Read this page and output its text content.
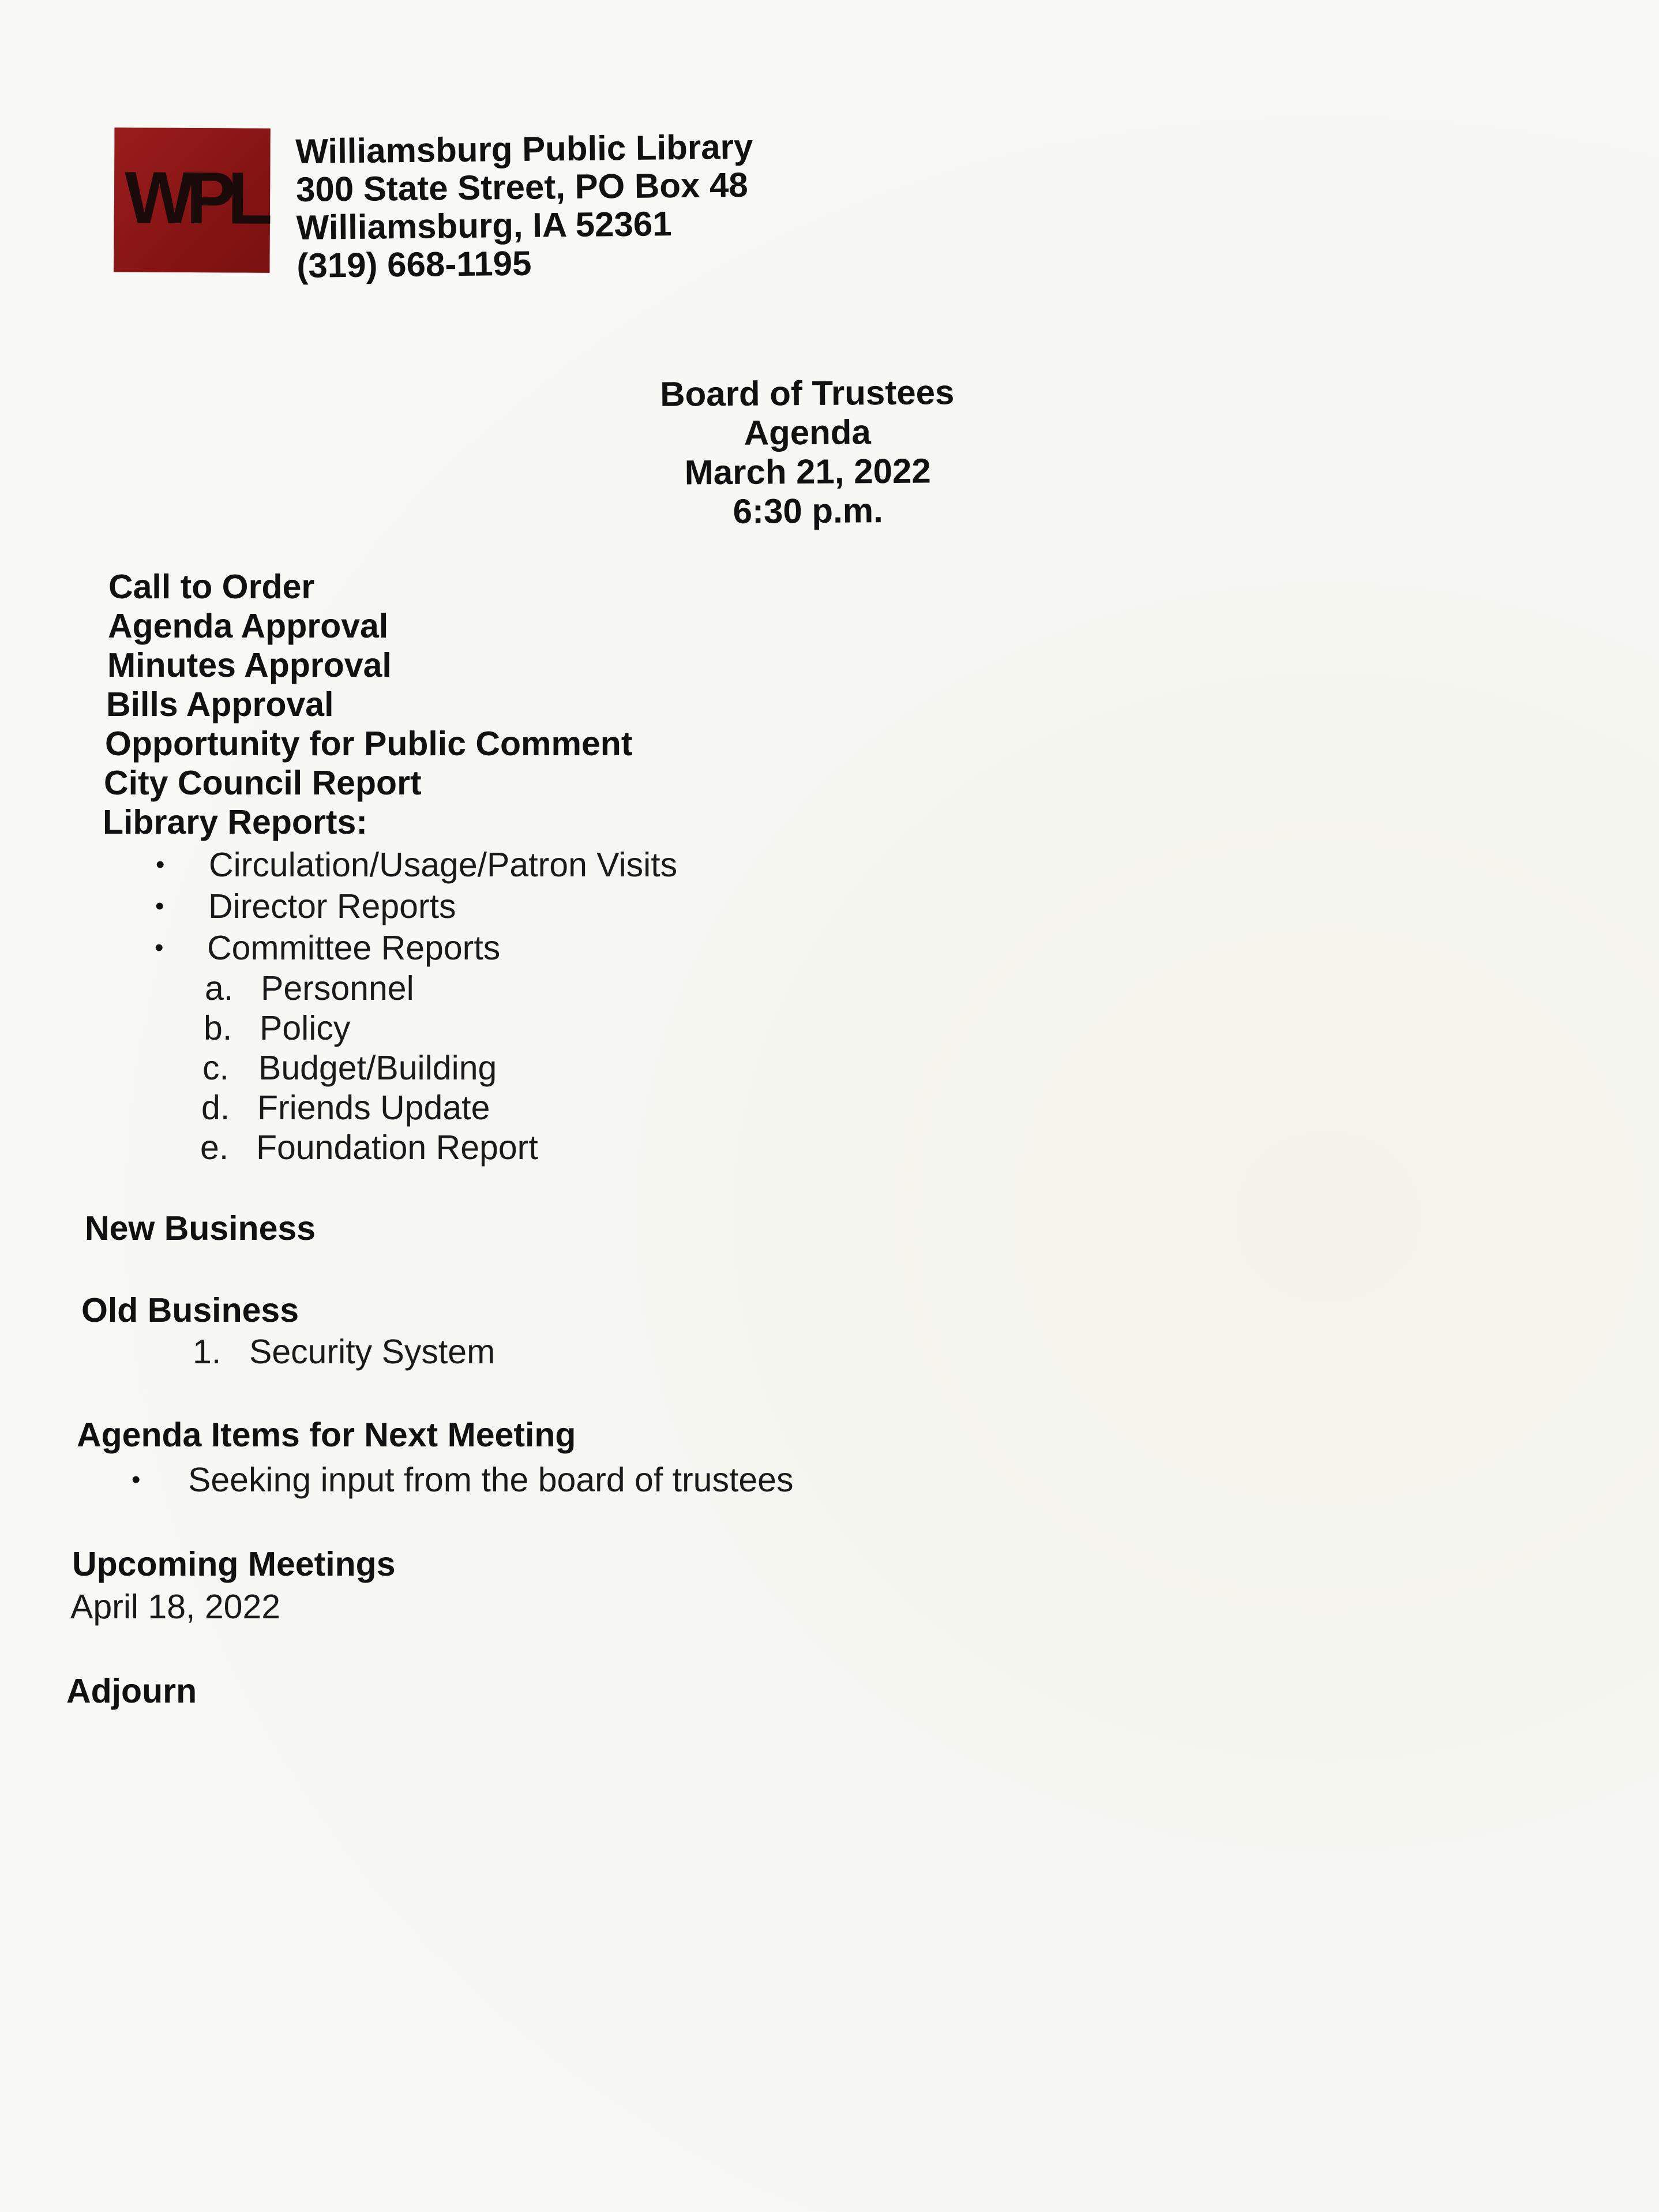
WPL
Williamsburg Public Library
300 State Street, PO Box 48
Williamsburg, IA 52361
(319) 668-1195
Board of Trustees
Agenda
March 21, 2022
6:30 p.m.
Call to Order
Agenda Approval
Minutes Approval
Bills Approval
Opportunity for Public Comment
City Council Report
Library Reports:
• Circulation/Usage/Patron Visits
• Director Reports
• Committee Reports
a. Personnel
b. Policy
c. Budget/Building
d. Friends Update
e. Foundation Report
New Business
Old Business
1. Security System
Agenda Items for Next Meeting
• Seeking input from the board of trustees
Upcoming Meetings
April 18, 2022
Adjourn
